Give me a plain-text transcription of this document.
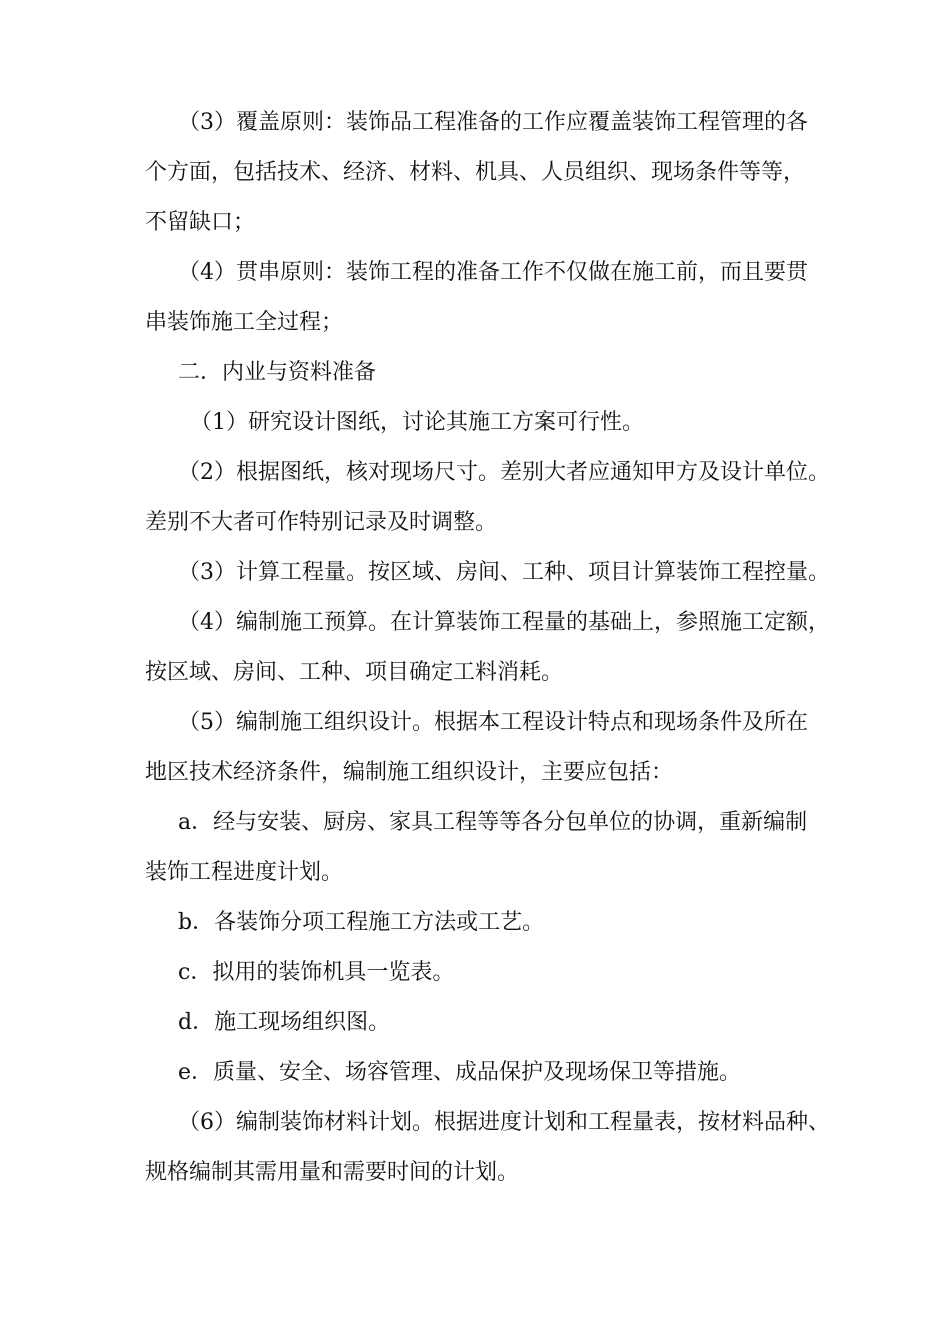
（3）覆盖原则：装饰品工程准备的工作应覆盖装饰工程管理的各
个方面，包括技术、经济、材料、机具、人员组织、现场条件等等，
不留缺口；
（4）贯串原则：装饰工程的准备工作不仅做在施工前，而且要贯
串装饰施工全过程；
二．内业与资料准备
（1）研究设计图纸，讨论其施工方案可行性。
（2）根据图纸，核对现场尺寸。差别大者应通知甲方及设计单位。
差别不大者可作特别记录及时调整。
（3）计算工程量。按区域、房间、工种、项目计算装饰工程控量。
（4）编制施工预算。在计算装饰工程量的基础上，参照施工定额，
按区域、房间、工种、项目确定工料消耗。
（5）编制施工组织设计。根据本工程设计特点和现场条件及所在
地区技术经济条件，编制施工组织设计，主要应包括：
a．经与安装、厨房、家具工程等等各分包单位的协调，重新编制
装饰工程进度计划。
b．各装饰分项工程施工方法或工艺。
c．拟用的装饰机具一览表。
d．施工现场组织图。
e．质量、安全、场容管理、成品保护及现场保卫等措施。
（6）编制装饰材料计划。根据进度计划和工程量表，按材料品种、
规格编制其需用量和需要时间的计划。
